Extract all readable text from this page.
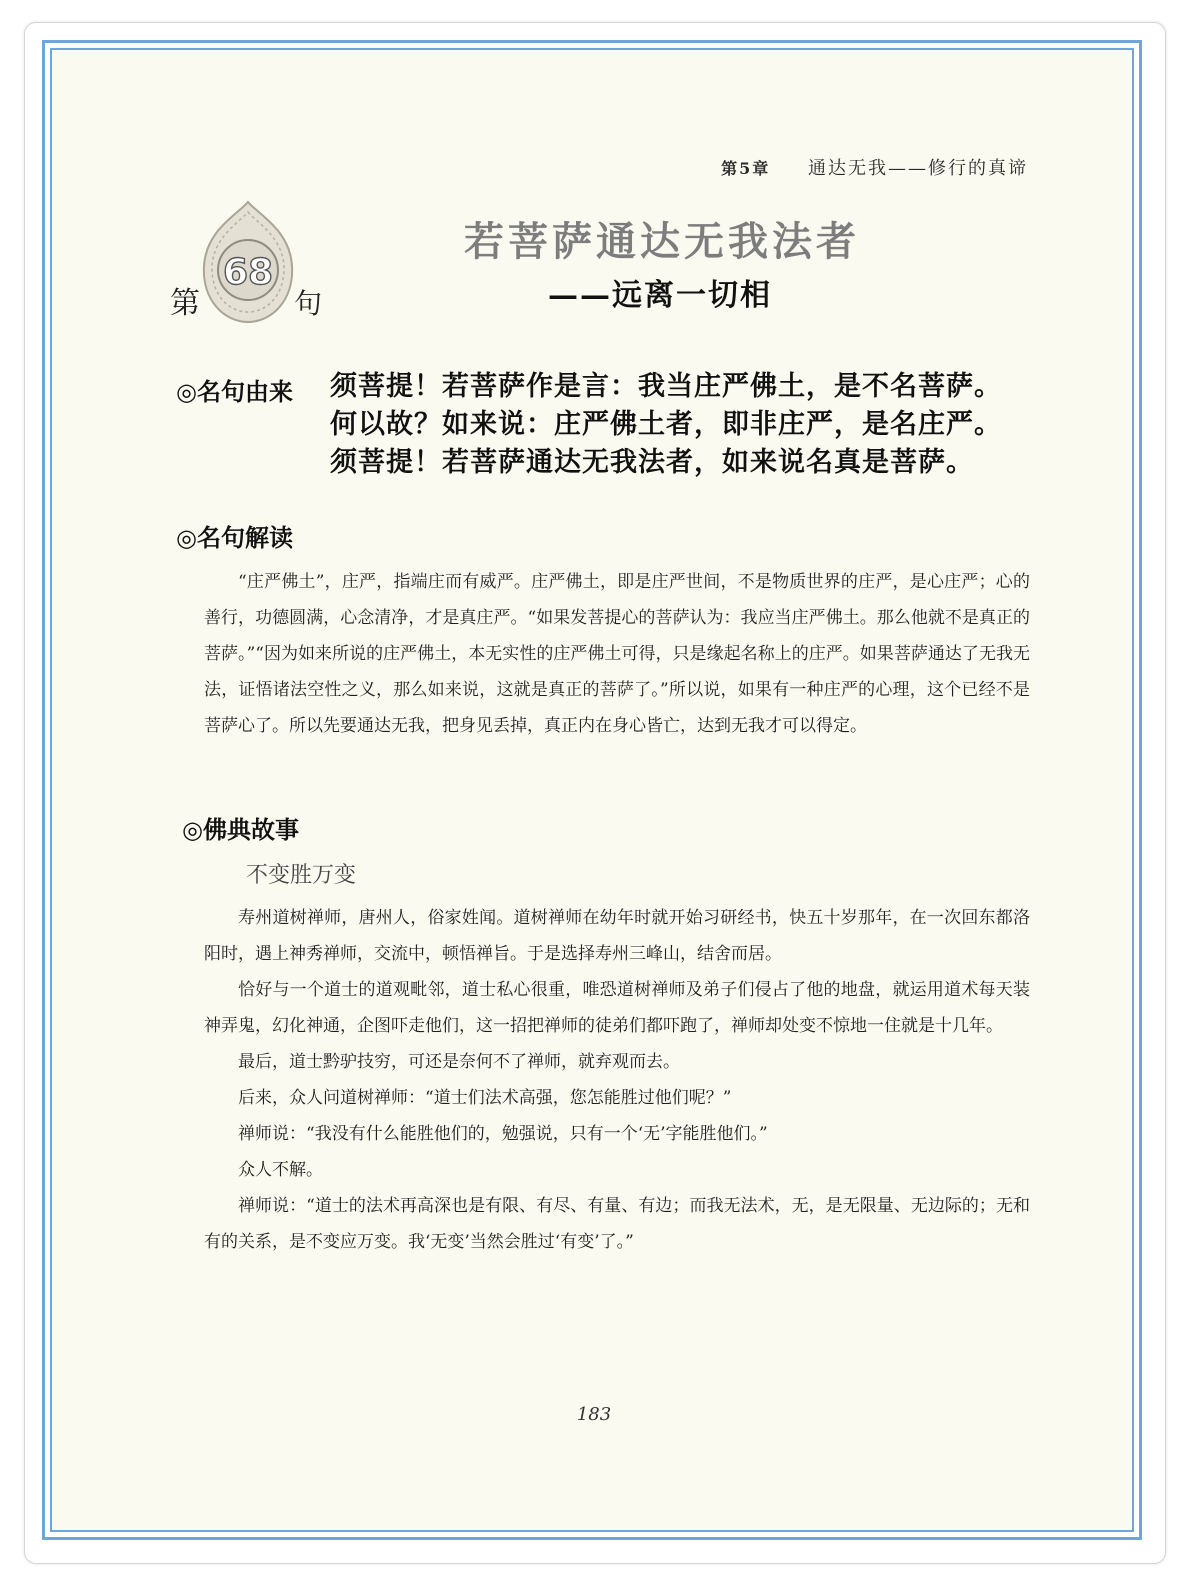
第5章 通达无我——修行的真谛
68
第	句
若菩萨通达无我法者
——远离一切相
◎名句由来 须菩提！若菩萨作是言：我当庄严佛土，是不名菩萨。
何以故？如来说：庄严佛土者，即非庄严，是名庄严。
须菩提！若菩萨通达无我法者，如来说名真是菩萨。
◎名句解读

“庄严佛土”，庄严，指端庄而有威严。庄严佛土，即是庄严世间，不是物质世界的庄严，是心庄严；心的善行，功德圆满，心念清净，才是真庄严。“如果发菩提心的菩萨认为：我应当庄严佛土。那么他就不是真正的菩萨。”“因为如来所说的庄严佛土，本无实性的庄严佛土可得，只是缘起名称上的庄严。如果菩萨通达了无我无法，证悟诸法空性之义，那么如来说，这就是真正的菩萨了。”所以说，如果有一种庄严的心理，这个已经不是菩萨心了。所以先要通达无我，把身见丢掉，真正内在身心皆亡，达到无我才可以得定。

◎佛典故事
不变胜万变

寿州道树禅师，唐州人，俗家姓闻。道树禅师在幼年时就开始习研经书，快五十岁那年，在一次回东都洛阳时，遇上神秀禅师，交流中，顿悟禅旨。于是选择寿州三峰山，结舍而居。

恰好与一个道士的道观毗邻，道士私心很重，唯恐道树禅师及弟子们侵占了他的地盘，就运用道术每天装神弄鬼，幻化神通，企图吓走他们，这一招把禅师的徒弟们都吓跑了，禅师却处变不惊地一住就是十几年。

最后，道士黔驴技穷，可还是奈何不了禅师，就弃观而去。

后来，众人问道树禅师：“道士们法术高强，您怎能胜过他们呢？”

禅师说：“我没有什么能胜他们的，勉强说，只有一个‘无’字能胜他们。”

众人不解。

禅师说：“道士的法术再高深也是有限、有尽、有量、有边；而我无法术，无，是无限量、无边际的；无和有的关系，是不变应万变。我‘无变’当然会胜过‘有变’了。”

183
